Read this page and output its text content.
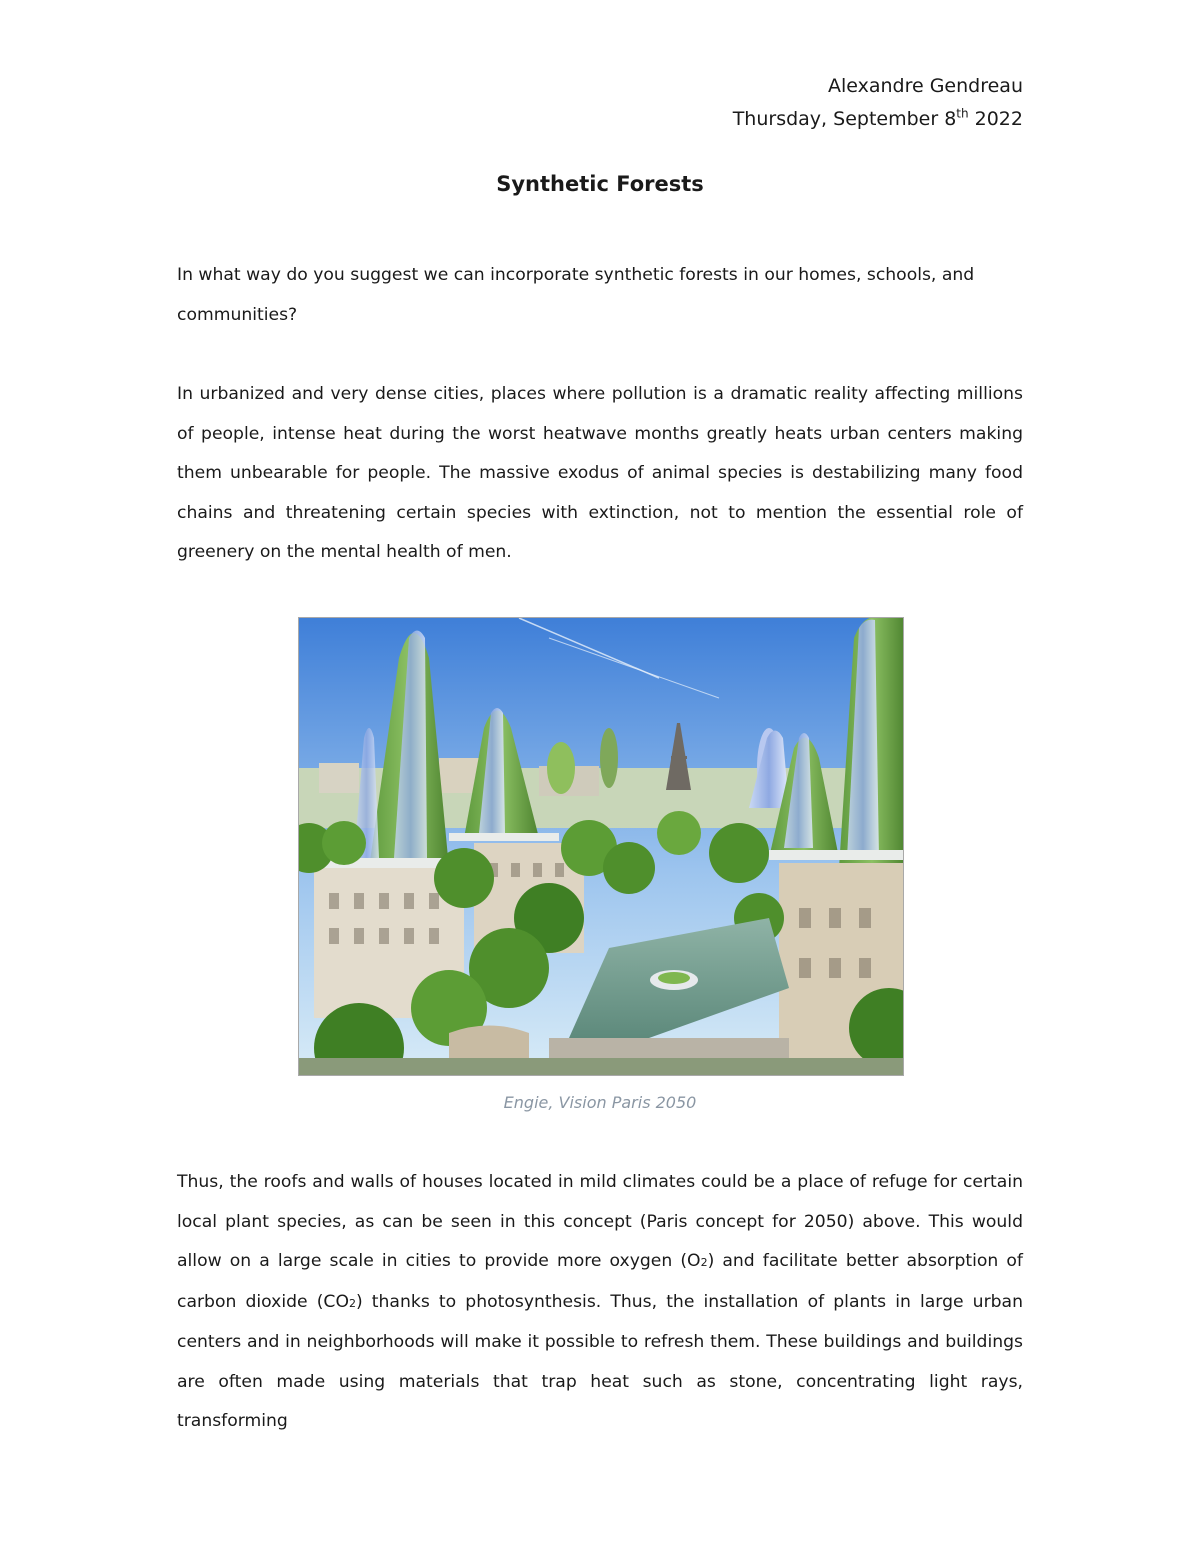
Alexandre Gendreau
Thursday, September 8th 2022
Synthetic Forests

In what way do you suggest we can incorporate synthetic forests in our homes, schools, and communities?

In urbanized and very dense cities, places where pollution is a dramatic reality affecting millions of people, intense heat during the worst heatwave months greatly heats urban centers making them unbearable for people. The massive exodus of animal species is destabilizing many food chains and threatening certain species with extinction, not to mention the essential role of greenery on the mental health of men.

Engie, Vision Paris 2050

Thus, the roofs and walls of houses located in mild climates could be a place of refuge for certain local plant species, as can be seen in this concept (Paris concept for 2050) above. This would allow on a large scale in cities to provide more oxygen (O2) and facilitate better absorption of carbon dioxide (CO2) thanks to photosynthesis. Thus, the installation of plants in large urban centers and in neighborhoods will make it possible to refresh them. These buildings and buildings are often made using materials that trap heat such as stone, concentrating light rays, transforming
